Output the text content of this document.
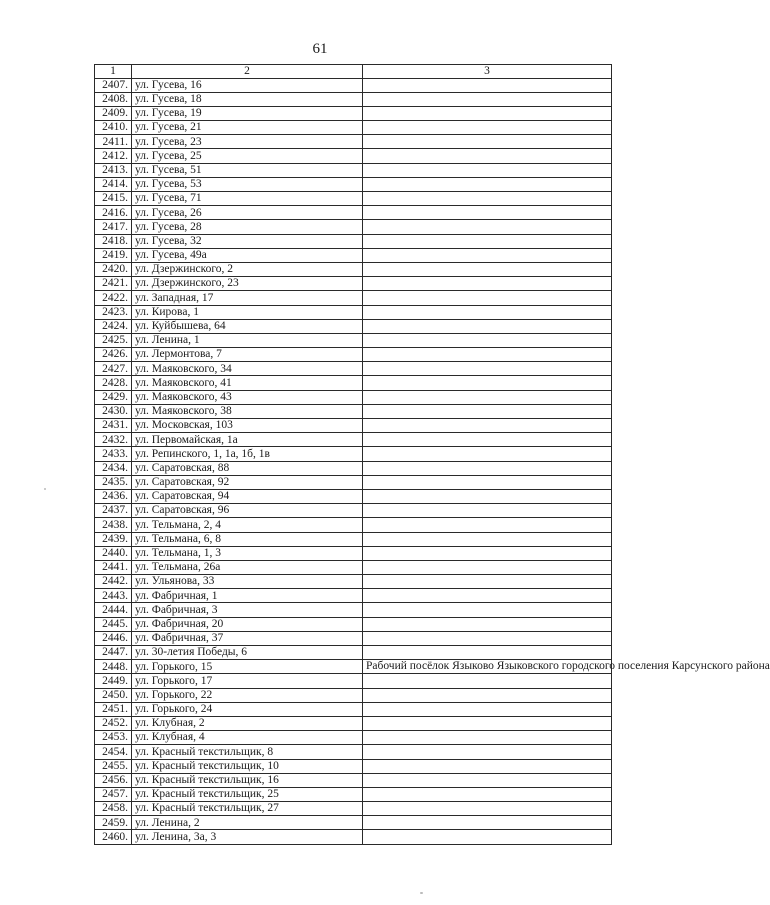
61
1	2	3
2407.	ул. Гусева, 16	
2408.	ул. Гусева, 18	
2409.	ул. Гусева, 19	
2410.	ул. Гусева, 21	
2411.	ул. Гусева, 23	
2412.	ул. Гусева, 25	
2413.	ул. Гусева, 51	
2414.	ул. Гусева, 53	
2415.	ул. Гусева, 71	
2416.	ул. Гусева, 26	
2417.	ул. Гусева, 28	
2418.	ул. Гусева, 32	
2419.	ул. Гусева, 49а	
2420.	ул. Дзержинского, 2	
2421.	ул. Дзержинского, 23	
2422.	ул. Западная, 17	
2423.	ул. Кирова, 1	
2424.	ул. Куйбышева, 64	
2425.	ул. Ленина, 1	
2426.	ул. Лермонтова, 7	
2427.	ул. Маяковского, 34	
2428.	ул. Маяковского, 41	
2429.	ул. Маяковского, 43	
2430.	ул. Маяковского, 38	
2431.	ул. Московская, 103	
2432.	ул. Первомайская, 1а	
2433.	ул. Репинского, 1, 1а, 1б, 1в	
2434.	ул. Саратовская, 88	
2435.	ул. Саратовская, 92	
2436.	ул. Саратовская, 94	
2437.	ул. Саратовская, 96	
2438.	ул. Тельмана, 2, 4	
2439.	ул. Тельмана, 6, 8	
2440.	ул. Тельмана, 1, 3	
2441.	ул. Тельмана, 26а	
2442.	ул. Ульянова, 33	
2443.	ул. Фабричная, 1	
2444.	ул. Фабричная, 3	
2445.	ул. Фабричная, 20	
2446.	ул. Фабричная, 37	
2447.	ул. 30-летия Победы, 6	
2448.	ул. Горького, 15	Рабочий посёлок Языково Языковского городского поселения Карсунского района
2449.	ул. Горького, 17	
2450.	ул. Горького, 22	
2451.	ул. Горького, 24	
2452.	ул. Клубная, 2	
2453.	ул. Клубная, 4	
2454.	ул. Красный текстильщик, 8	
2455.	ул. Красный текстильщик, 10	
2456.	ул. Красный текстильщик, 16	
2457.	ул. Красный текстильщик, 25	
2458.	ул. Красный текстильщик, 27	
2459.	ул. Ленина, 2	
2460.	ул. Ленина, 3а, 3	
